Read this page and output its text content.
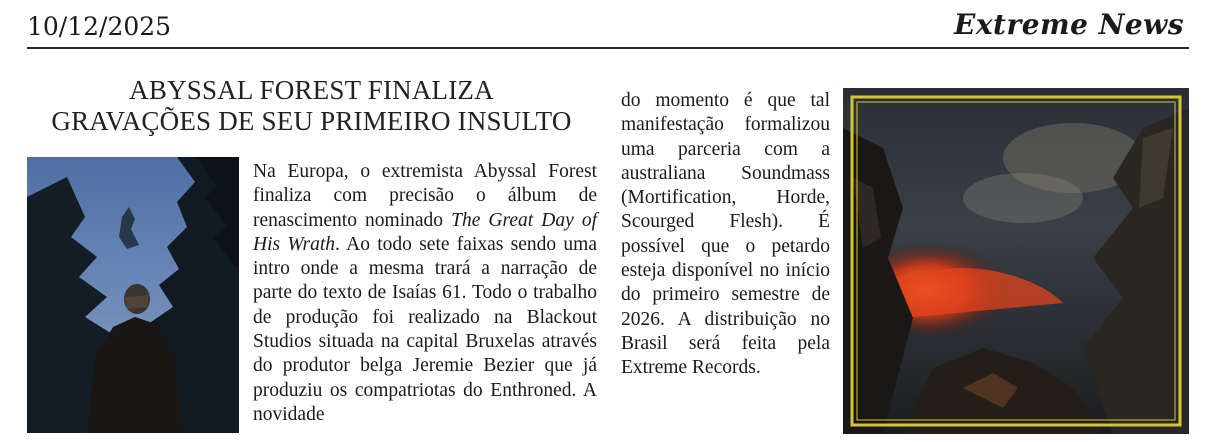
10/12/2025	Extreme News
ABYSSAL FOREST FINALIZA
GRAVAÇÕES DE SEU PRIMEIRO INSULTO

Na Europa, o extremista Abyssal Forest finaliza com precisão o álbum de renascimento nominado The Great Day of His Wrath. Ao todo sete faixas sendo uma intro onde a mesma trará a narração de parte do texto de Isaías 61. Todo o trabalho de produção foi realizado na Blackout Studios situada na capital Bruxelas através do produtor belga Jeremie Bezier que já produziu os compatriotas do Enthroned. A novidade

do momento é que tal manifestação formalizou uma parceria com a australiana Soundmass (Mortification, Horde, Scourged Flesh). É possível que o petardo esteja disponível no início do primeiro semestre de 2026. A distribuição no Brasil será feita pela Extreme Records.
